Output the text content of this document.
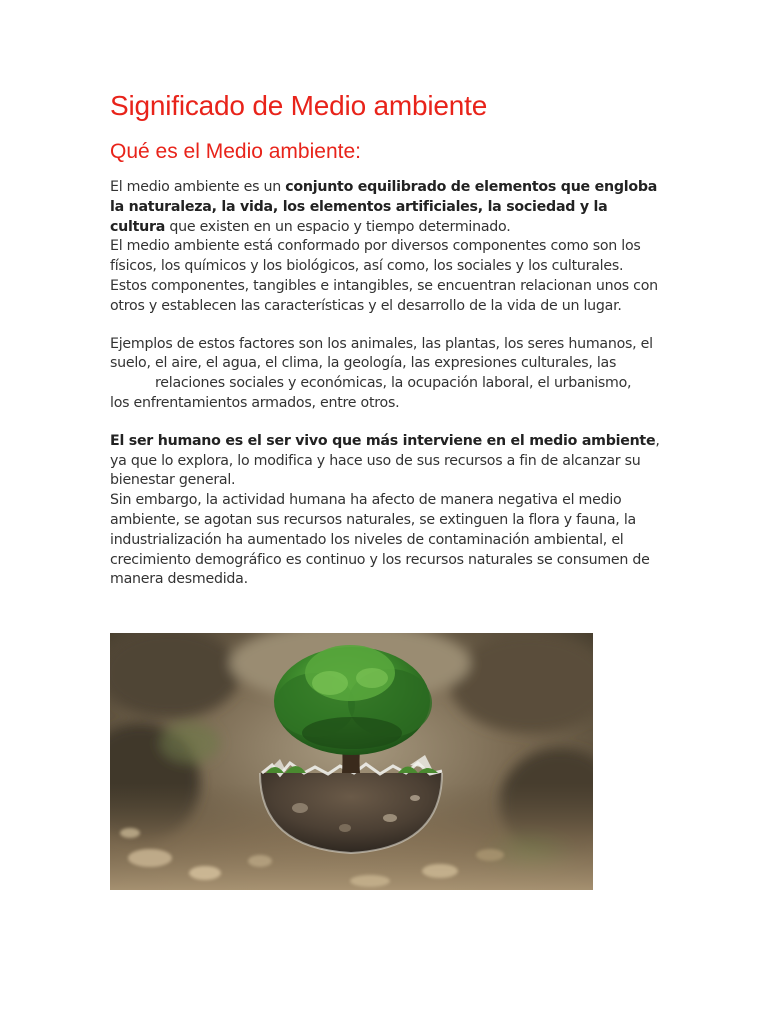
Significado de Medio ambiente
Qué es el Medio ambiente:

El medio ambiente es un conjunto equilibrado de elementos que engloba la naturaleza, la vida, los elementos artificiales, la sociedad y la cultura que existen en un espacio y tiempo determinado.

El medio ambiente está conformado por diversos componentes como son los físicos, los químicos y los biológicos, así como, los sociales y los culturales. Estos componentes, tangibles e intangibles, se encuentran relacionan unos con otros y establecen las características y el desarrollo de la vida de un lugar.

Ejemplos de estos factores son los animales, las plantas, los seres humanos, el suelo, el aire, el agua, el clima, la geología, las expresiones culturales, las
relaciones sociales y económicas, la ocupación laboral, el urbanismo,
los enfrentamientos armados, entre otros.

El ser humano es el ser vivo que más interviene en el medio ambiente, ya que lo explora, lo modifica y hace uso de sus recursos a fin de alcanzar su bienestar general.

Sin embargo, la actividad humana ha afecto de manera negativa el medio ambiente, se agotan sus recursos naturales, se extinguen la flora y fauna, la industrialización ha aumentado los niveles de contaminación ambiental, el crecimiento demográfico es continuo y los recursos naturales se consumen de manera desmedida.
